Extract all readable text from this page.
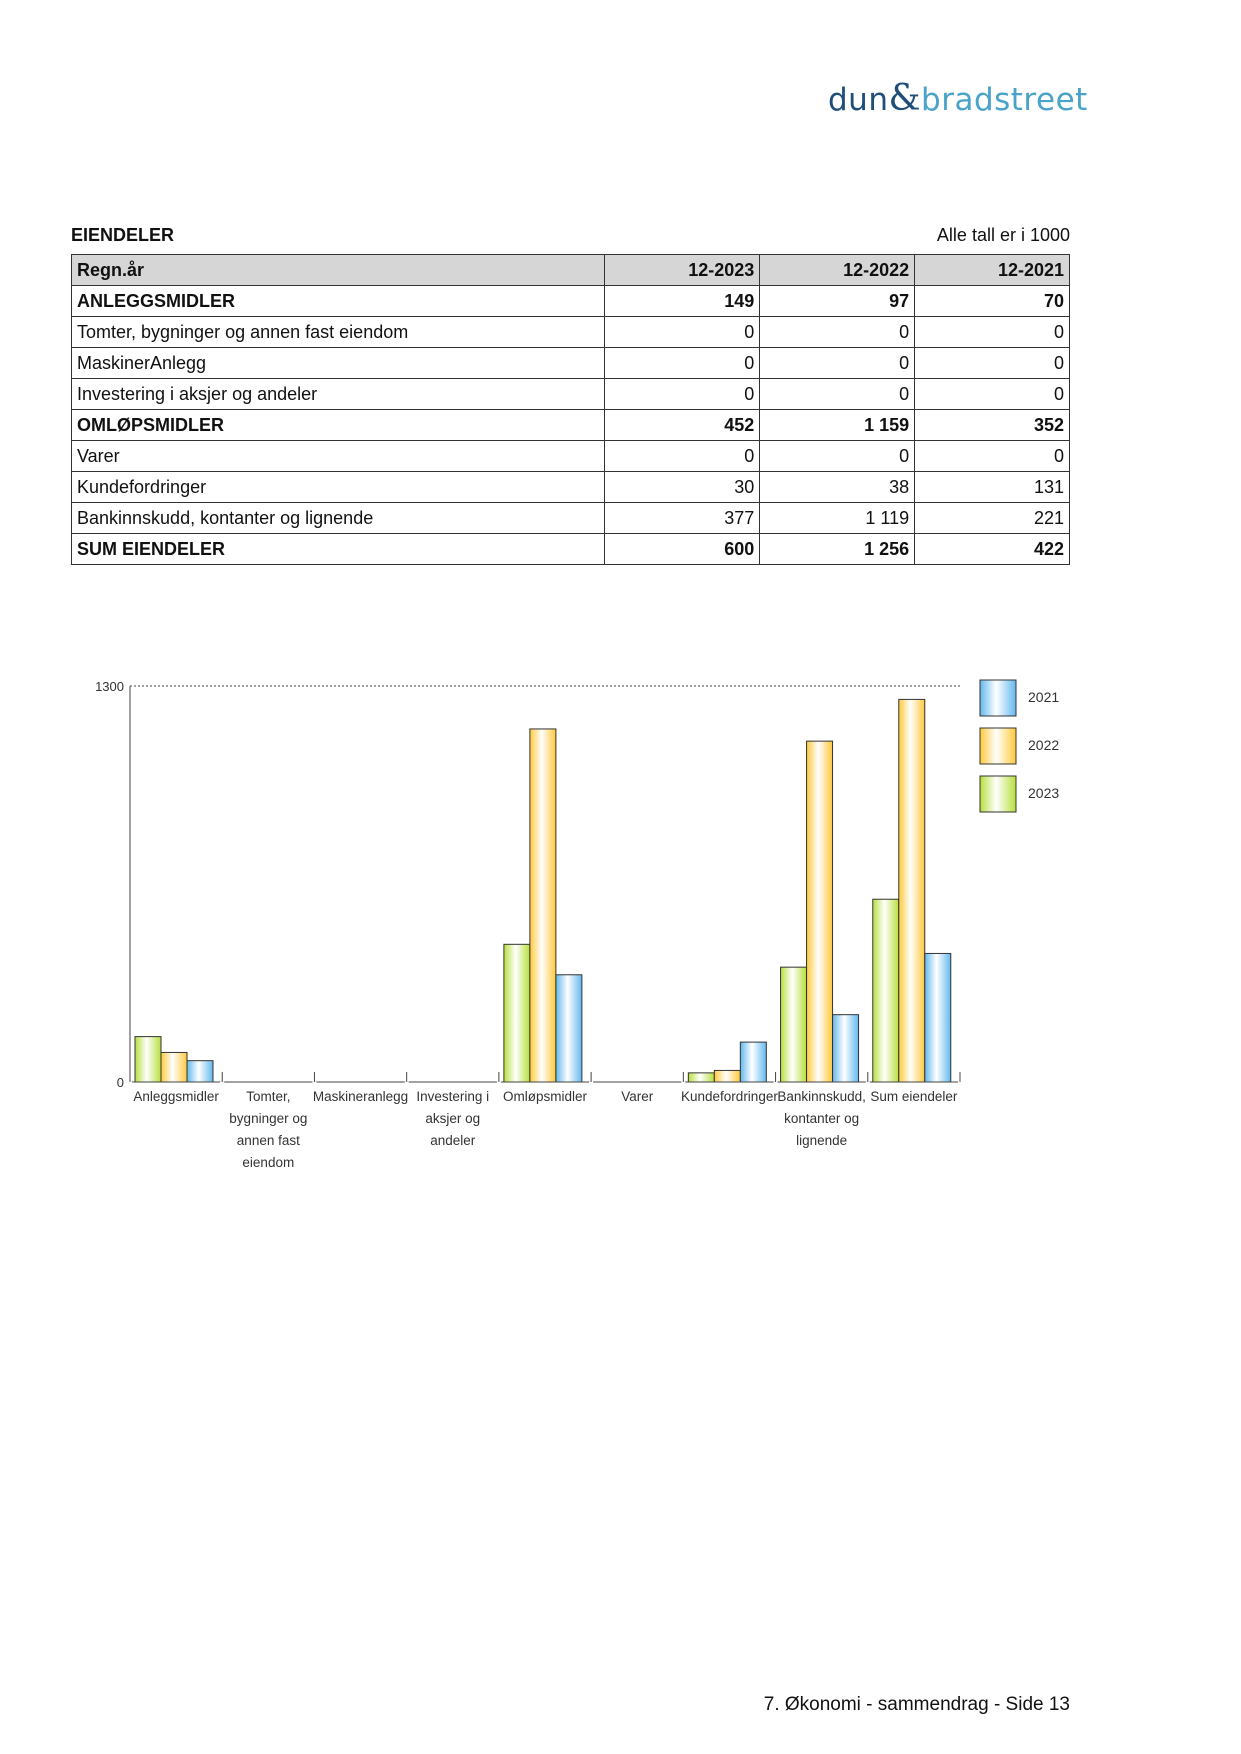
dun&bradstreet
EIENDELER	Alle tall er i 1000
Regn.år	12-2023	12-2022	12-2021
ANLEGGSMIDLER	149	97	70
Tomter, bygninger og annen fast eiendom	0	0	0
MaskinerAnlegg	0	0	0
Investering i aksjer og andeler	0	0	0
OMLØPSMIDLER	452	1 159	352
Varer	0	0	0
Kundefordringer	30	38	131
Bankinnskudd, kontanter og lignende	377	1 119	221
SUM EIENDELER	600	1 256	422
1300
0
Anleggsmidler	Tomter, bygninger og annen fast eiendom
Maskineranlegg Investering i aksjer og andeler
Omløpsmidler	Varer Kundefordringer Bankinnskudd, kontanter og lignende
Sum eiendeler
2021
2022
2023
7. Økonomi - sammendrag - Side 13
